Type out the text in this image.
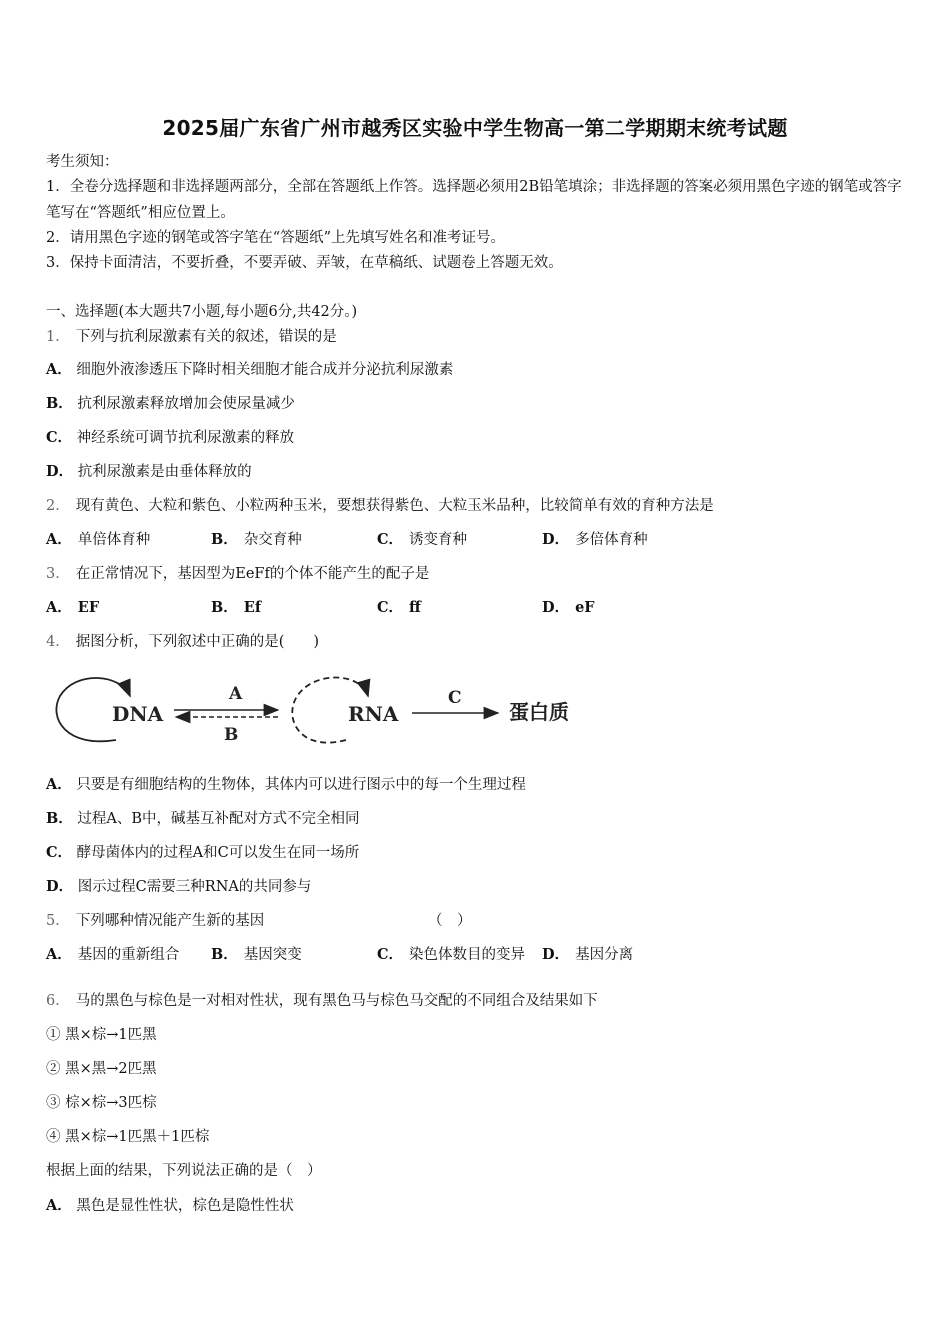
2025届广东省广州市越秀区实验中学生物高一第二学期期末统考试题
考生须知：
1．全卷分选择题和非选择题两部分，全部在答题纸上作答。选择题必须用2B铅笔填涂；非选择题的答案必须用黑色字迹的钢笔或答字笔写在“答题纸”相应位置上。
2．请用黑色字迹的钢笔或答字笔在“答题纸”上先填写姓名和准考证号。
3．保持卡面清洁，不要折叠，不要弄破、弄皱，在草稿纸、试题卷上答题无效。
一、选择题(本大题共7小题,每小题6分,共42分。)
1． 下列与抗利尿激素有关的叙述，错误的是
A． 细胞外液渗透压下降时相关细胞才能合成并分泌抗利尿激素
B． 抗利尿激素释放增加会使尿量减少
C． 神经系统可调节抗利尿激素的释放
D． 抗利尿激素是由垂体释放的
2． 现有黄色、大粒和紫色、小粒两种玉米，要想获得紫色、大粒玉米品种，比较简单有效的育种方法是
A． 单倍体育种	B． 杂交育种	C． 诱变育种	D． 多倍体育种
3． 在正常情况下，基因型为EeFf的个体不能产生的配子是
A． EF	B． Ef	C． ff	D． eF
4． 据图分析，下列叙述中正确的是(　　)
DNA
A
B
RNA
C
蛋白质
A． 只要是有细胞结构的生物体，其体内可以进行图示中的每一个生理过程
B． 过程A、B中，碱基互补配对方式不完全相同
C． 酵母菌体内的过程A和C可以发生在同一场所
D． 图示过程C需要三种RNA的共同参与
5． 下列哪种情况能产生新的基因	（　）
A． 基因的重新组合 B． 基因突变	C． 染色体数目的变异 D． 基因分离
6． 马的黑色与棕色是一对相对性状，现有黑色马与棕色马交配的不同组合及结果如下
① 黑×棕→1匹黑
② 黑×黑→2匹黑
③ 棕×棕→3匹棕
④ 黑×棕→1匹黑＋1匹棕
根据上面的结果，下列说法正确的是（　）
A． 黑色是显性性状，棕色是隐性性状
